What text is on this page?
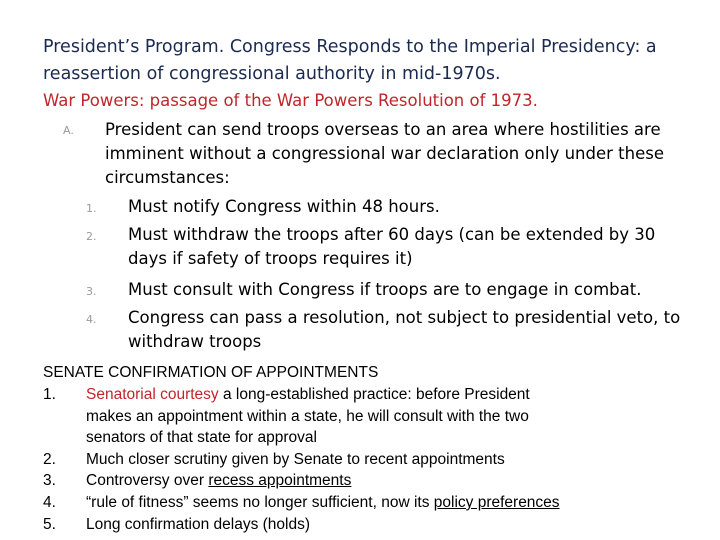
President’s Program. Congress Responds to the Imperial Presidency: a
reassertion of congressional authority in mid-1970s.
War Powers: passage of the War Powers Resolution of 1973.
A. President can send troops overseas to an area where hostilities are
imminent without a congressional war declaration only under these
circumstances:
1. Must notify Congress within 48 hours.
2. Must withdraw the troops after 60 days (can be extended by 30
days if safety of troops requires it)
3. Must consult with Congress if troops are to engage in combat.
4. Congress can pass a resolution, not subject to presidential veto, to
withdraw troops
SENATE CONFIRMATION OF APPOINTMENTS
1. Senatorial courtesy a long-established practice: before President
makes an appointment within a state, he will consult with the two
senators of that state for approval
2. Much closer scrutiny given by Senate to recent appointments
3. Controversy over recess appointments
4. “rule of fitness” seems no longer sufficient, now its policy preferences
5. Long confirmation delays (holds)
